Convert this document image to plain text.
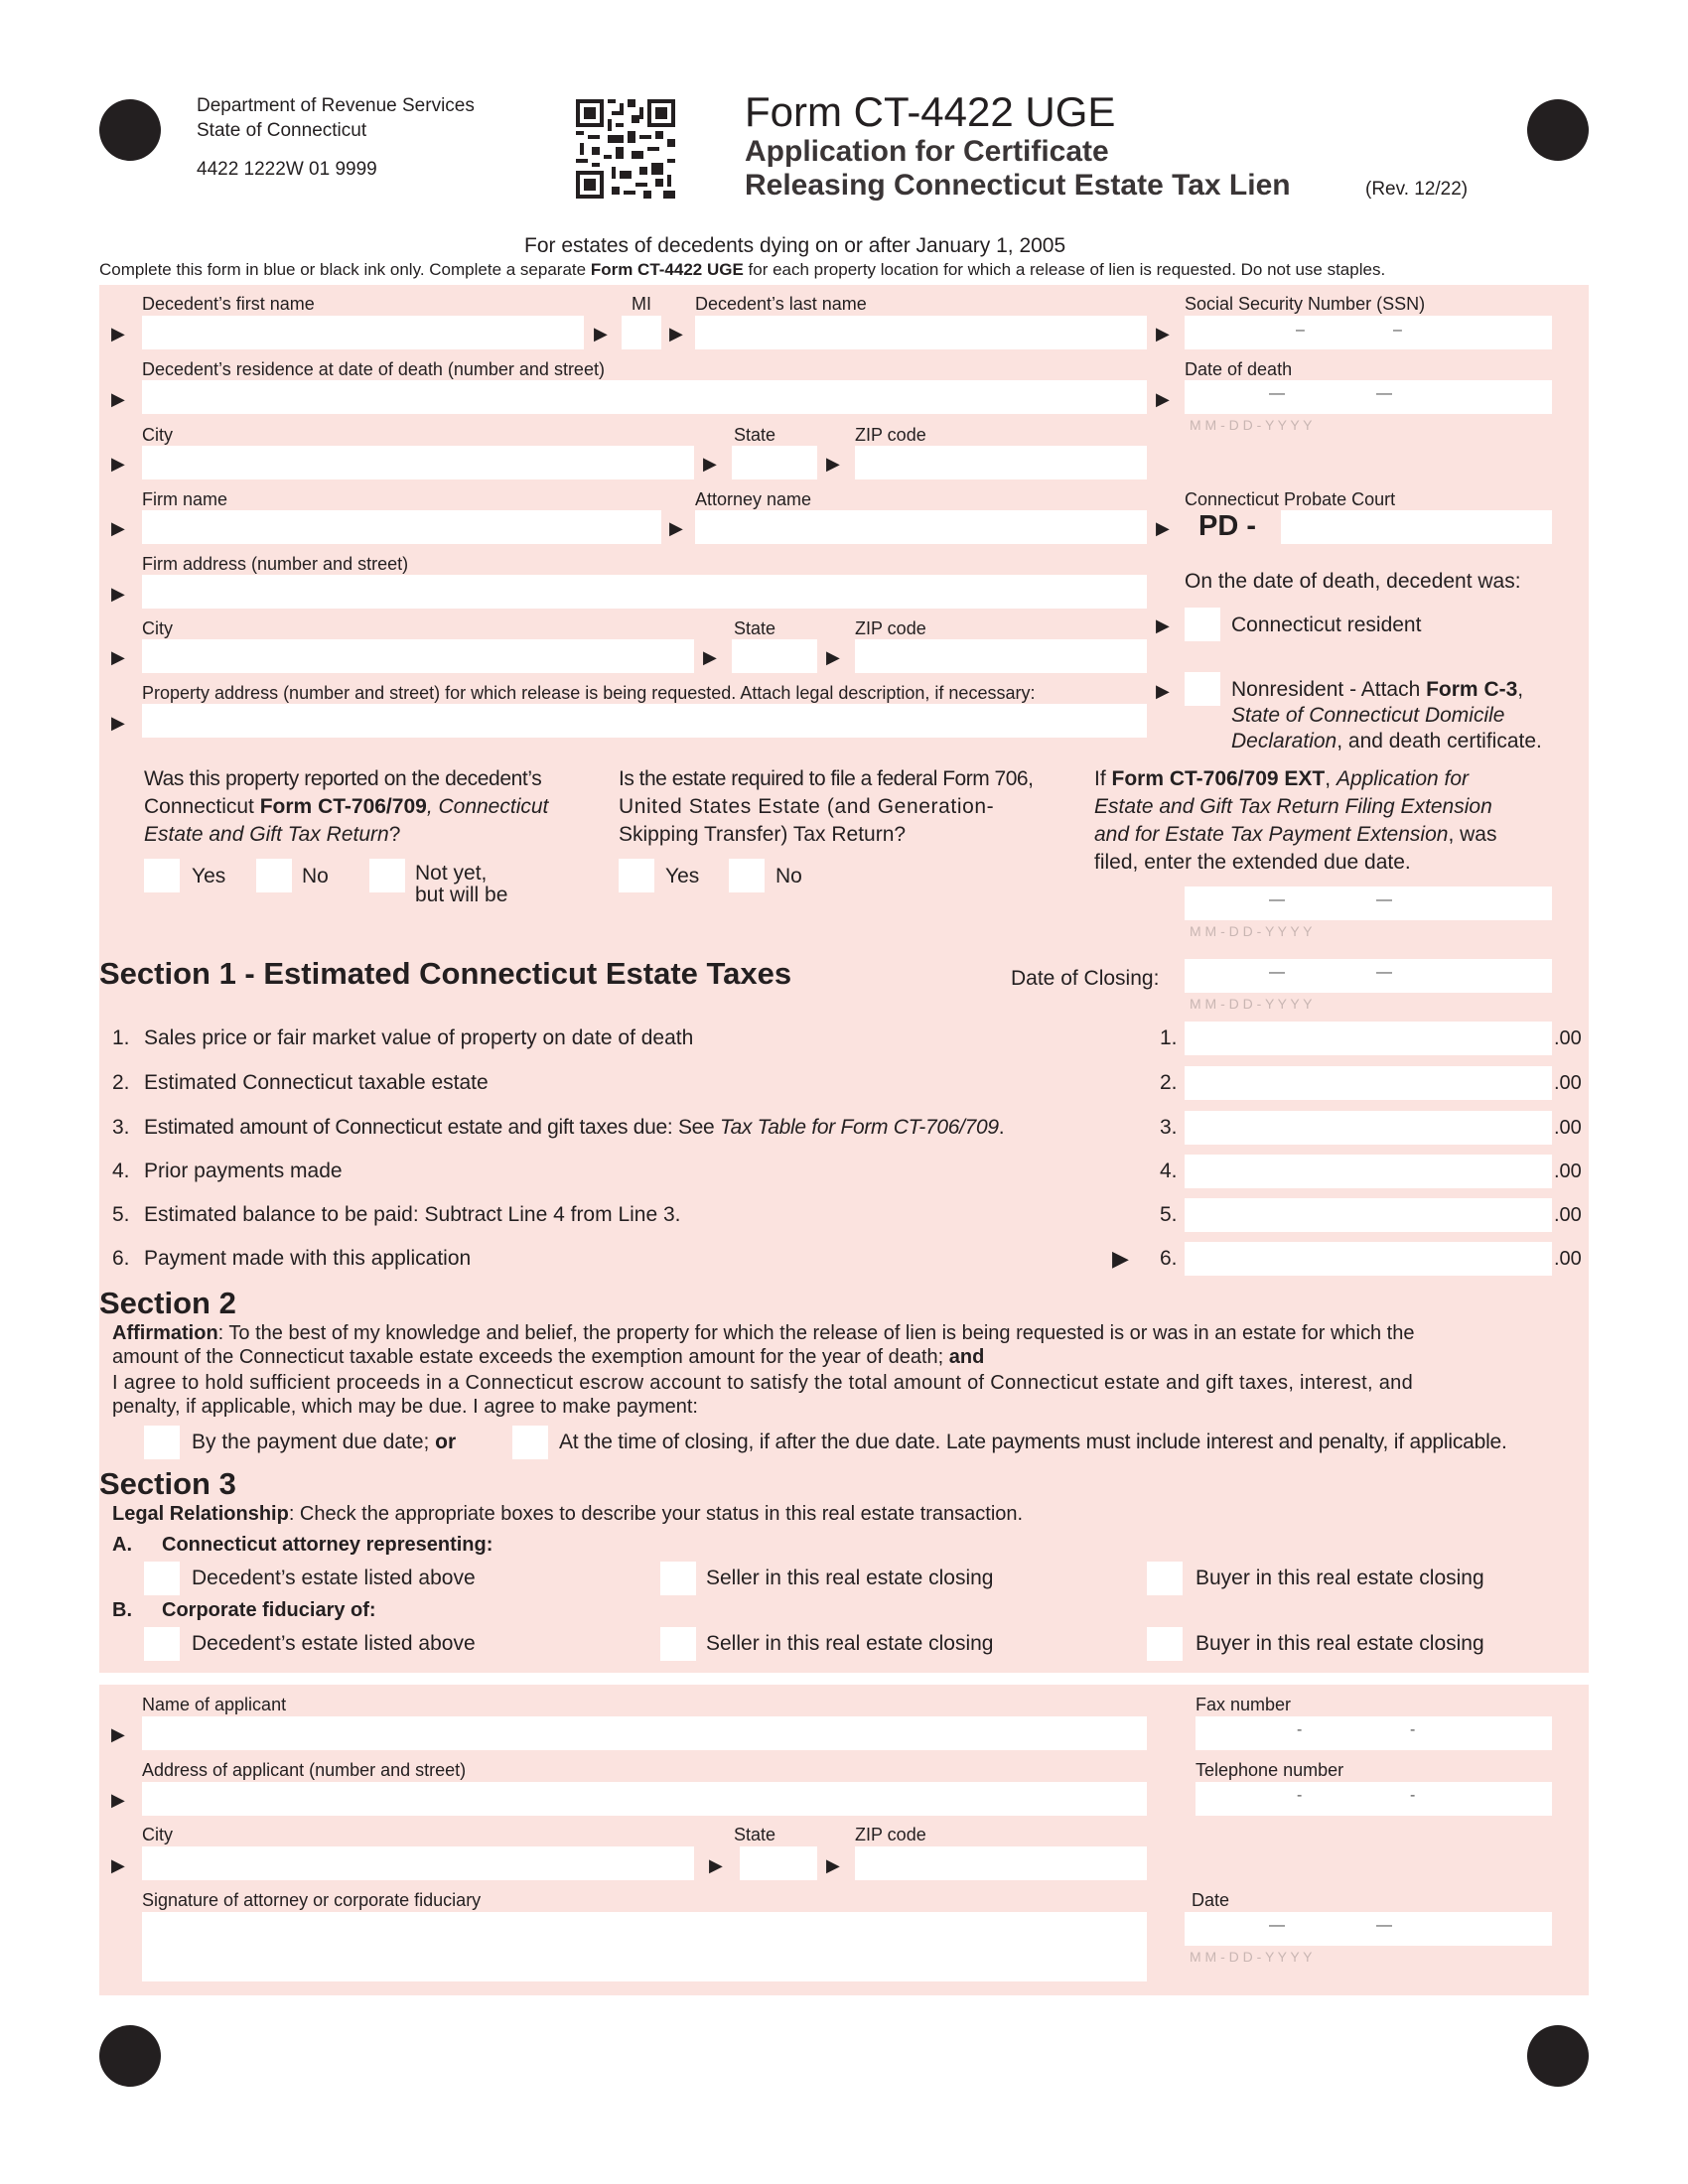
Department of Revenue Services
State of Connecticut
4422 1222W 01 9999
Form CT-4422 UGE
Application for Certificate
Releasing Connecticut Estate Tax Lien	(Rev. 12/22)
For estates of decedents dying on or after January 1, 2005
Complete this form in blue or black ink only. Complete a separate Form CT-4422 UGE for each property location for which a release of lien is requested. Do not use staples.
Decedent’s first name	MI Decedent’s last name	Social Security Number (SSN)
▶	▶	▶	▶	–	–
Decedent’s residence at date of death (number and street)	Date of death
▶	▶	—	—
M M - D D - Y Y Y Y
City	State	ZIP code
▶	▶	▶
Firm name	Attorney name	Connecticut Probate Court
▶	▶	▶ PD -
Firm address (number and street)
On the date of death, decedent was:
▶
City	State	ZIP code
▶	▶	▶
▶	Connecticut resident
Property address (number and street) for which release is being requested. Attach legal description, if necessary:
▶
▶	Nonresident - Attach Form C-3,
State of Connecticut Domicile
Declaration, and death certificate.
Was this property reported on the decedent’s
Connecticut Form CT-706/709, Connecticut
Estate and Gift Tax Return?
Yes	No	Not yet,
but will be
Is the estate required to file a federal Form 706,
United States Estate (and Generation-
Skipping Transfer) Tax Return?
Yes	No
If Form CT-706/709 EXT, Application for
Estate and Gift Tax Return Filing Extension
and for Estate Tax Payment Extension, was
filed, enter the extended due date.
—	—
M M - D D - Y Y Y Y
Section 1 - Estimated Connecticut Estate Taxes	Date of Closing:	—	—
M M - D D - Y Y Y Y
1. Sales price or fair market value of property on date of death	1.	.00
2. Estimated Connecticut taxable estate	2.	.00
3. Estimated amount of Connecticut estate and gift taxes due: See Tax Table for Form CT-706/709.	3.	.00
4. Prior payments made	4.	.00
5. Estimated balance to be paid: Subtract Line 4 from Line 3.	5.	.00
6. Payment made with this application	▶ 6.	.00
Section 2
Affirmation: To the best of my knowledge and belief, the property for which the release of lien is being requested is or was in an estate for which the
amount of the Connecticut taxable estate exceeds the exemption amount for the year of death; and
I agree to hold sufficient proceeds in a Connecticut escrow account to satisfy the total amount of Connecticut estate and gift taxes, interest, and
penalty, if applicable, which may be due. I agree to make payment:
By the payment due date; or	At the time of closing, if after the due date. Late payments must include interest and penalty, if applicable.
Section 3
Legal Relationship: Check the appropriate boxes to describe your status in this real estate transaction.
A. Connecticut attorney representing:
Decedent’s estate listed above	Seller in this real estate closing	Buyer in this real estate closing
B. Corporate fiduciary of:
Decedent’s estate listed above	Seller in this real estate closing	Buyer in this real estate closing
Name of applicant	Fax number
▶	-	-
Address of applicant (number and street)	Telephone number
▶	-	-
City	State	ZIP code
▶	▶	▶
Signature of attorney or corporate fiduciary	Date
—	—
M M - D D - Y Y Y Y
